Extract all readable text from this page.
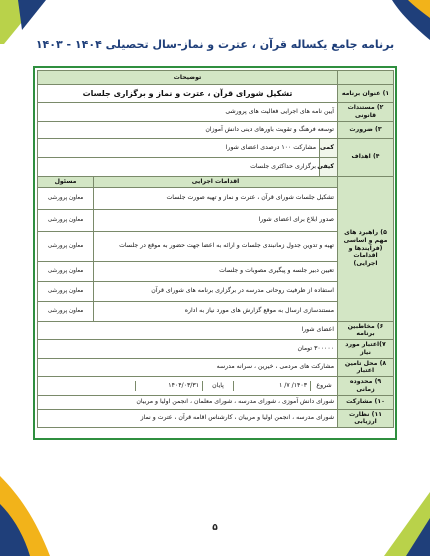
برنامه جامع یکساله قرآن ، عترت و نماز-سال تحصیلی ۱۴۰۴ - ۱۴۰۳
	توضیحات
۱) عنوان برنامه	تشکیل شورای قرآن ، عترت و نماز و برگزاری جلسات
۲) مستندات قانونی	آیین نامه های اجرایی فعالیت های پرورشی
۳) ضرورت	توسعه فرهنگ و تقویت باورهای دینی دانش آموزان
۴) اهداف	کمی	مشارکت ۱۰۰ درصدی اعضای شورا
کیفی	برگزاری حداکثری جلسات
۵) راهبرد های مهم و اساسی (فرآیندها و اقدامات اجرایی)	اقدامات اجرایی	مسئول
تشکیل جلسات شورای قرآن ، عترت و نماز و تهیه صورت جلسات	معاون پرورشی
صدور ابلاغ برای اعضای شورا	معاون پرورشی
تهیه و تدوین جدول زمانبندی جلسات و ارائه به اعضا جهت حضور به موقع در جلسات	معاون پرورشی
تعیین دبیر جلسه و پیگیری مصوبات و جلسات	معاون پرورشی
استفاده از ظرفیت روحانی مدرسه در برگزاری برنامه های شورای قرآن	معاون پرورشی
مستندسازی ارسال به موقع گزارش های مورد نیاز به اداره	معاون پرورشی
۶) مخاطبین برنامه	اعضای شورا
۷)اعتبار مورد نیاز	۳۰۰۰۰۰ تومان
۸) محل تامین اعتبار	مشارکت های مردمی ، خیرین ، سرانه مدرسه
۹) محدوده زمانی	
شروع	۱۴۰۳/ ۷/ ۱	پایان	۱۴۰۴/۰۳/۳۱	

۱۰) مشارکت	شورای دانش آموزی ، شورای مدرسه ، شورای معلمان ، انجمن اولیا و مربیان
۱۱) نظارت ارزیابی	شورای مدرسه ، انجمن اولیا و مربیان ، کارشناس اقامه قرآن ، عترت و نماز
۵
